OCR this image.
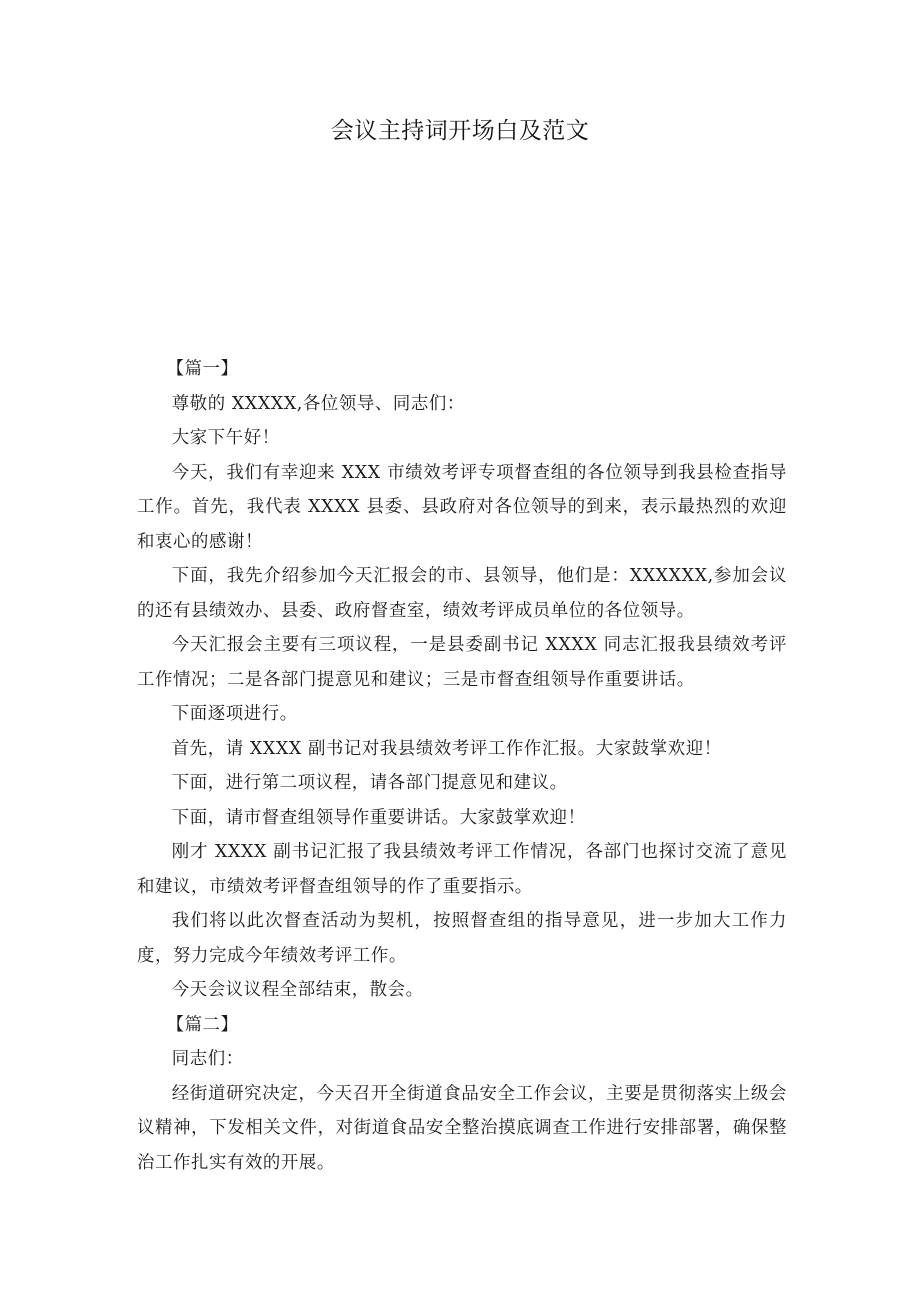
会议主持词开场白及范文

【篇一】

尊敬的 XXXXX,各位领导、同志们：

大家下午好！

今天，我们有幸迎来 XXX 市绩效考评专项督查组的各位领导到我县检查指导工作。首先，我代表 XXXX 县委、县政府对各位领导的到来，表示最热烈的欢迎和衷心的感谢！

下面，我先介绍参加今天汇报会的市、县领导，他们是：XXXXXX,参加会议的还有县绩效办、县委、政府督查室，绩效考评成员单位的各位领导。

今天汇报会主要有三项议程，一是县委副书记 XXXX 同志汇报我县绩效考评工作情况；二是各部门提意见和建议；三是市督查组领导作重要讲话。

下面逐项进行。

首先，请 XXXX 副书记对我县绩效考评工作作汇报。大家鼓掌欢迎！

下面，进行第二项议程，请各部门提意见和建议。

下面，请市督查组领导作重要讲话。大家鼓掌欢迎！

刚才 XXXX 副书记汇报了我县绩效考评工作情况，各部门也探讨交流了意见和建议，市绩效考评督查组领导的作了重要指示。

我们将以此次督查活动为契机，按照督查组的指导意见，进一步加大工作力度，努力完成今年绩效考评工作。

今天会议议程全部结束，散会。

【篇二】

同志们：

经街道研究决定，今天召开全街道食品安全工作会议，主要是贯彻落实上级会议精神，下发相关文件，对街道食品安全整治摸底调查工作进行安排部署，确保整治工作扎实有效的开展。
